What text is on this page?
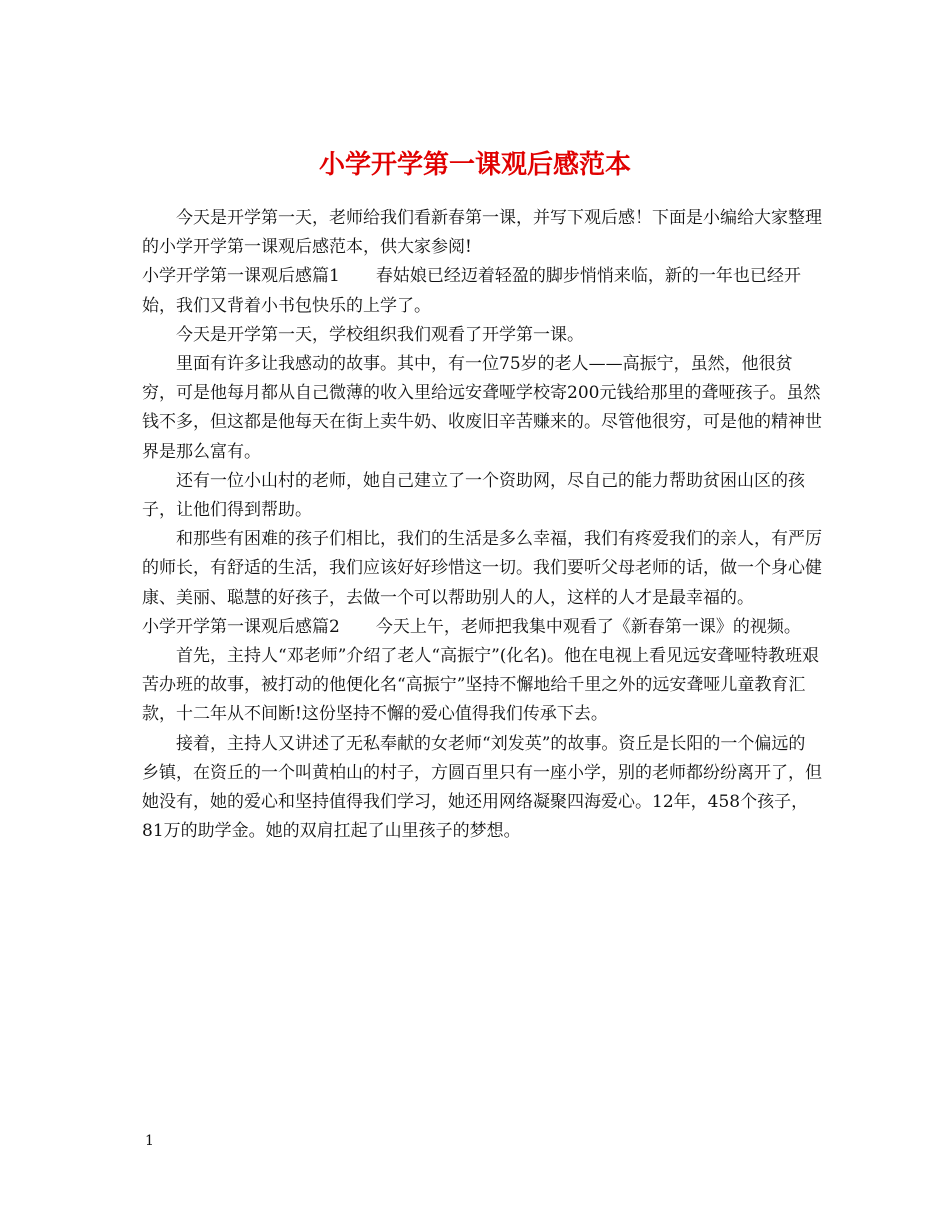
小学开学第一课观后感范本

今天是开学第一天，老师给我们看新春第一课，并写下观后感！下面是小编给大家整理的小学开学第一课观后感范本，供大家参阅!

小学开学第一课观后感篇1 春姑娘已经迈着轻盈的脚步悄悄来临，新的一年也已经开始，我们又背着小书包快乐的上学了。

今天是开学第一天，学校组织我们观看了开学第一课。

里面有许多让我感动的故事。其中，有一位75岁的老人——高振宁，虽然，他很贫穷，可是他每月都从自己微薄的收入里给远安聋哑学校寄200元钱给那里的聋哑孩子。虽然钱不多，但这都是他每天在街上卖牛奶、收废旧辛苦赚来的。尽管他很穷，可是他的精神世界是那么富有。

还有一位小山村的老师，她自己建立了一个资助网，尽自己的能力帮助贫困山区的孩子，让他们得到帮助。

和那些有困难的孩子们相比，我们的生活是多么幸福，我们有疼爱我们的亲人，有严厉的师长，有舒适的生活，我们应该好好珍惜这一切。我们要听父母老师的话，做一个身心健康、美丽、聪慧的好孩子，去做一个可以帮助别人的人，这样的人才是最幸福的。

小学开学第一课观后感篇2 今天上午，老师把我集中观看了《新春第一课》的视频。

首先，主持人“邓老师”介绍了老人“高振宁”(化名)。他在电视上看见远安聋哑特教班艰苦办班的故事，被打动的他便化名“高振宁”坚持不懈地给千里之外的远安聋哑儿童教育汇款，十二年从不间断!这份坚持不懈的爱心值得我们传承下去。

接着，主持人又讲述了无私奉献的女老师“刘发英”的故事。资丘是长阳的一个偏远的乡镇，在资丘的一个叫黄柏山的村子，方圆百里只有一座小学，别的老师都纷纷离开了，但她没有，她的爱心和坚持值得我们学习，她还用网络凝聚四海爱心。12年，458个孩子，81万的助学金。她的双肩扛起了山里孩子的梦想。

1
